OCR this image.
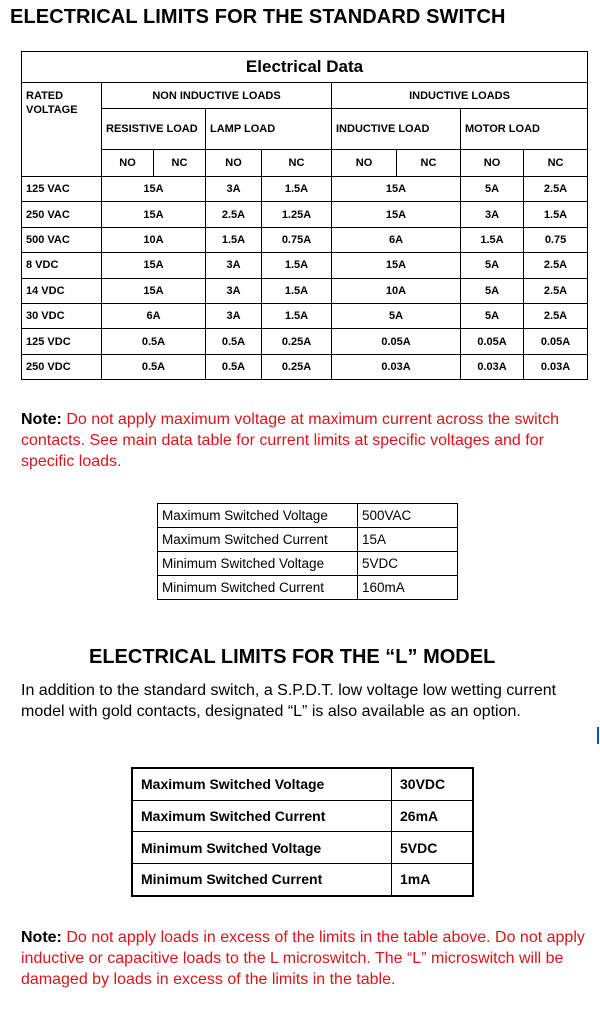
ELECTRICAL LIMITS FOR THE STANDARD SWITCH
Electrical Data								
RATED VOLTAGE	NON INDUCTIVE LOADS				INDUCTIVE LOADS			
	RESISTIVE LOAD		LAMP LOAD		INDUCTIVE LOAD		MOTOR LOAD	
	NO	NC	NO	NC	NO	NC	NO	NC
125 VAC	15A		3A	1.5A	15A		5A	2.5A
250 VAC	15A		2.5A	1.25A	15A		3A	1.5A
500 VAC	10A		1.5A	0.75A	6A		1.5A	0.75
8 VDC	15A		3A	1.5A	15A		5A	2.5A
14 VDC	15A		3A	1.5A	10A		5A	2.5A
30 VDC	6A		3A	1.5A	5A		5A	2.5A
125 VDC	0.5A		0.5A	0.25A	0.05A		0.05A	0.05A
250 VDC	0.5A		0.5A	0.25A	0.03A		0.03A	0.03A
Note: Do not apply maximum voltage at maximum current across the switch contacts. See main data table for current limits at specific voltages and for specific loads.
Maximum Switched Voltage	500VAC
Maximum Switched Current	15A
Minimum Switched Voltage	5VDC
Minimum Switched Current	160mA
ELECTRICAL LIMITS FOR THE “L” MODEL
In addition to the standard switch, a S.P.D.T. low voltage low wetting current model with gold contacts, designated “L” is also available as an option.
Maximum Switched Voltage	30VDC
Maximum Switched Current	26mA
Minimum Switched Voltage	5VDC
Minimum Switched Current	1mA
Note: Do not apply loads in excess of the limits in the table above. Do not apply inductive or capacitive loads to the L microswitch. The “L” microswitch will be damaged by loads in excess of the limits in the table.
